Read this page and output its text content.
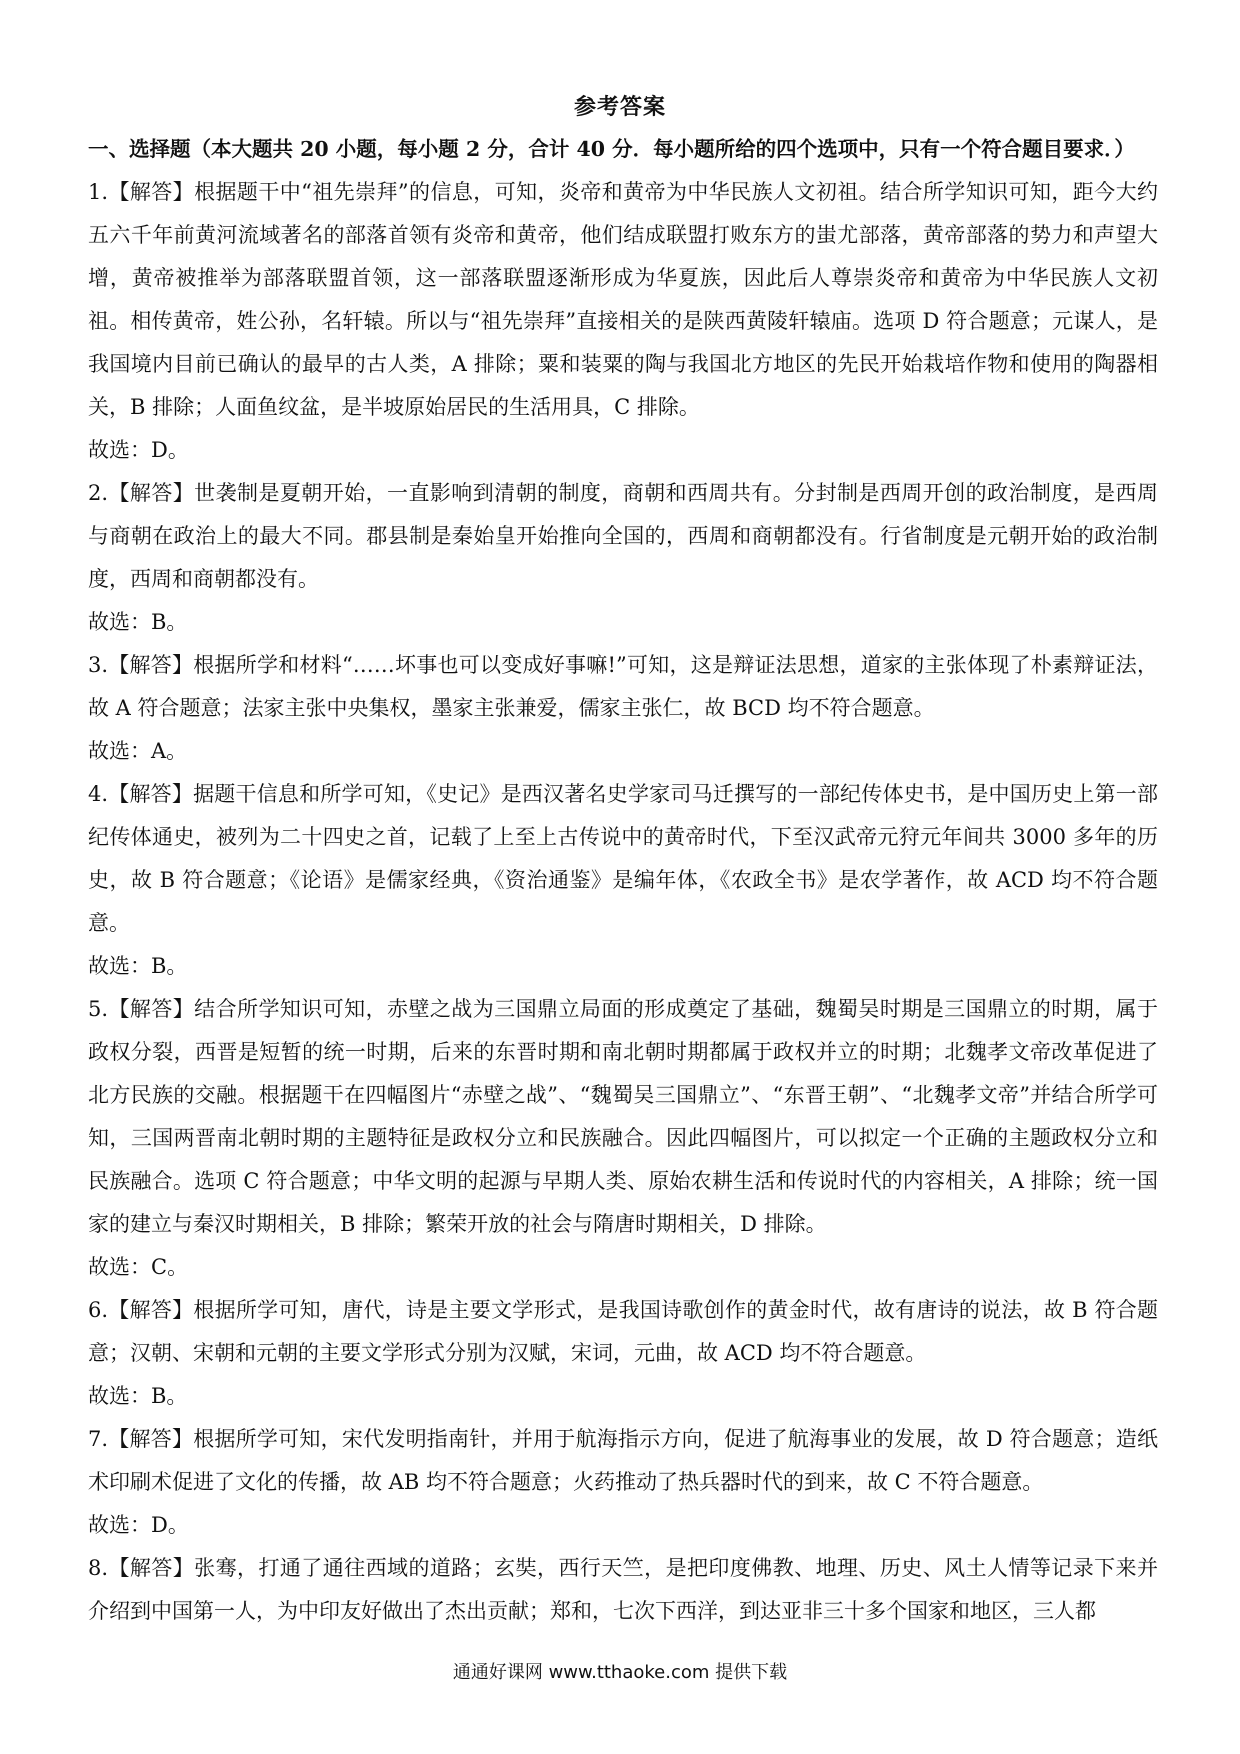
参考答案
一、选择题（本大题共 20 小题，每小题 2 分，合计 40 分．每小题所给的四个选项中，只有一个符合题目要求．）

1.【解答】根据题干中“祖先崇拜”的信息，可知，炎帝和黄帝为中华民族人文初祖。结合所学知识可知，距今大约五六千年前黄河流域著名的部落首领有炎帝和黄帝，他们结成联盟打败东方的蚩尤部落，黄帝部落的势力和声望大增，黄帝被推举为部落联盟首领，这一部落联盟逐渐形成为华夏族，因此后人尊崇炎帝和黄帝为中华民族人文初祖。相传黄帝，姓公孙，名轩辕。所以与“祖先崇拜”直接相关的是陕西黄陵轩辕庙。选项 D 符合题意；元谋人，是我国境内目前已确认的最早的古人类，A 排除；粟和装粟的陶与我国北方地区的先民开始栽培作物和使用的陶器相关，B 排除；人面鱼纹盆，是半坡原始居民的生活用具，C 排除。

故选：D。

2.【解答】世袭制是夏朝开始，一直影响到清朝的制度，商朝和西周共有。分封制是西周开创的政治制度，是西周与商朝在政治上的最大不同。郡县制是秦始皇开始推向全国的，西周和商朝都没有。行省制度是元朝开始的政治制度，西周和商朝都没有。

故选：B。

3.【解答】根据所学和材料“……坏事也可以变成好事嘛!”可知，这是辩证法思想，道家的主张体现了朴素辩证法，故 A 符合题意；法家主张中央集权，墨家主张兼爱，儒家主张仁，故 BCD 均不符合题意。

故选：A。

4.【解答】据题干信息和所学可知，《史记》是西汉著名史学家司马迁撰写的一部纪传体史书，是中国历史上第一部纪传体通史，被列为二十四史之首，记载了上至上古传说中的黄帝时代，下至汉武帝元狩元年间共 3000 多年的历史，故 B 符合题意；《论语》是儒家经典，《资治通鉴》是编年体，《农政全书》是农学著作，故 ACD 均不符合题意。

故选：B。

5.【解答】结合所学知识可知，赤壁之战为三国鼎立局面的形成奠定了基础，魏蜀吴时期是三国鼎立的时期，属于政权分裂，西晋是短暂的统一时期，后来的东晋时期和南北朝时期都属于政权并立的时期；北魏孝文帝改革促进了北方民族的交融。根据题干在四幅图片“赤壁之战”、“魏蜀吴三国鼎立”、“东晋王朝”、“北魏孝文帝”并结合所学可知，三国两晋南北朝时期的主题特征是政权分立和民族融合。因此四幅图片，可以拟定一个正确的主题政权分立和民族融合。选项 C 符合题意；中华文明的起源与早期人类、原始农耕生活和传说时代的内容相关，A 排除；统一国家的建立与秦汉时期相关，B 排除；繁荣开放的社会与隋唐时期相关，D 排除。

故选：C。

6.【解答】根据所学可知，唐代，诗是主要文学形式，是我国诗歌创作的黄金时代，故有唐诗的说法，故 B 符合题意；汉朝、宋朝和元朝的主要文学形式分别为汉赋，宋词，元曲，故 ACD 均不符合题意。

故选：B。

7.【解答】根据所学可知，宋代发明指南针，并用于航海指示方向，促进了航海事业的发展，故 D 符合题意；造纸术印刷术促进了文化的传播，故 AB 均不符合题意；火药推动了热兵器时代的到来，故 C 不符合题意。

故选：D。

8.【解答】张骞，打通了通往西域的道路；玄奘，西行天竺，是把印度佛教、地理、历史、风土人情等记录下来并介绍到中国第一人，为中印友好做出了杰出贡献；郑和，七次下西洋，到达亚非三十多个国家和地区，三人都

通通好课网 www.tthaoke.com 提供下载
